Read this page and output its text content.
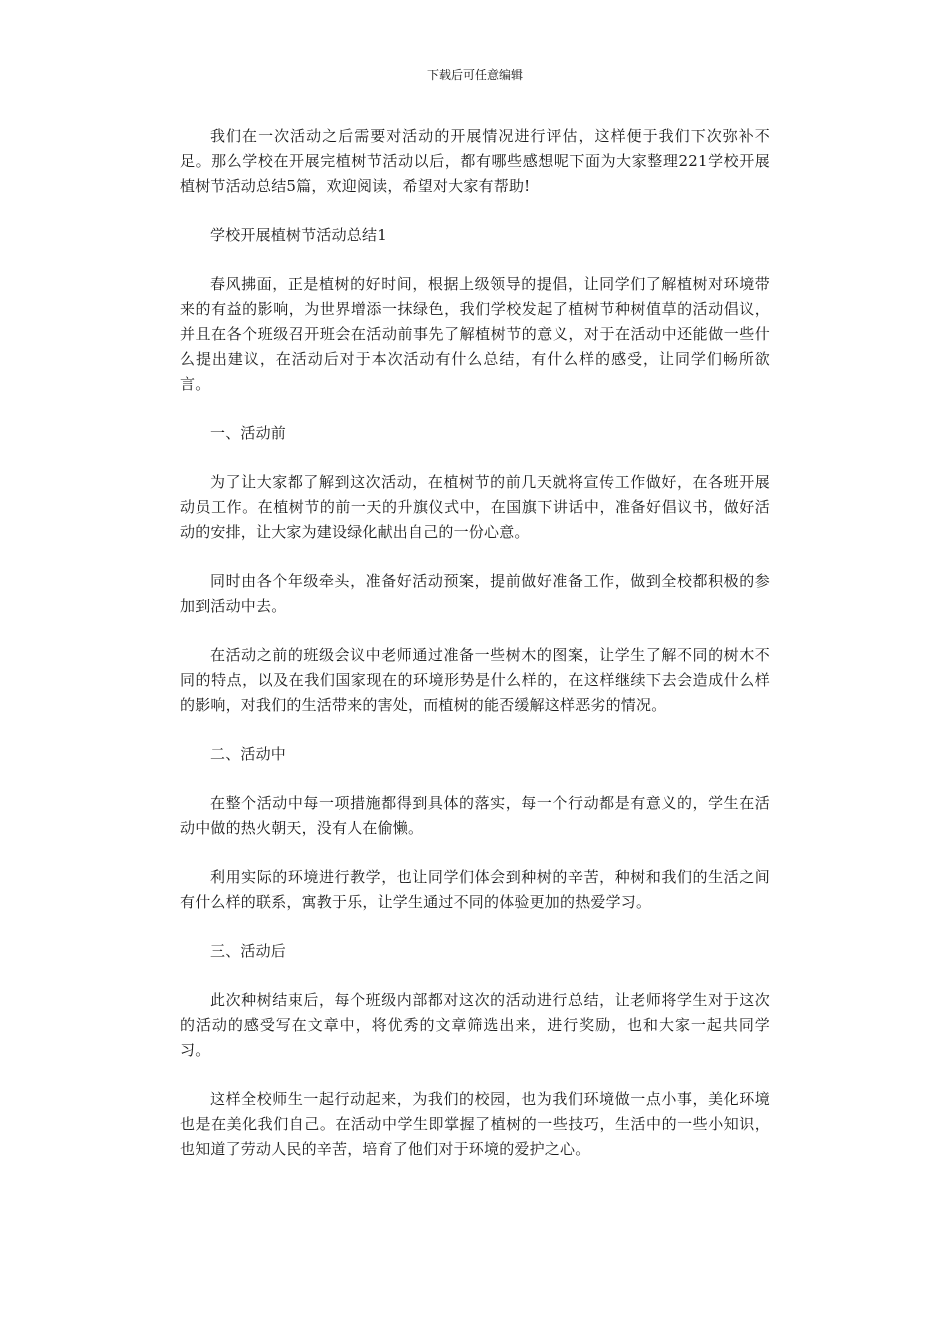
下载后可任意编辑

我们在一次活动之后需要对活动的开展情况进行评估，这样便于我们下次弥补不足。那么学校在开展完植树节活动以后，都有哪些感想呢下面为大家整理221学校开展植树节活动总结5篇，欢迎阅读，希望对大家有帮助!

学校开展植树节活动总结1

春风拂面，正是植树的好时间，根据上级领导的提倡，让同学们了解植树对环境带来的有益的影响，为世界增添一抹绿色，我们学校发起了植树节种树值草的活动倡议，并且在各个班级召开班会在活动前事先了解植树节的意义，对于在活动中还能做一些什么提出建议，在活动后对于本次活动有什么总结，有什么样的感受，让同学们畅所欲言。

一、活动前

为了让大家都了解到这次活动，在植树节的前几天就将宣传工作做好，在各班开展动员工作。在植树节的前一天的升旗仪式中，在国旗下讲话中，准备好倡议书，做好活动的安排，让大家为建设绿化献出自己的一份心意。

同时由各个年级牵头，准备好活动预案，提前做好准备工作，做到全校都积极的参加到活动中去。

在活动之前的班级会议中老师通过准备一些树木的图案，让学生了解不同的树木不同的特点，以及在我们国家现在的环境形势是什么样的，在这样继续下去会造成什么样的影响，对我们的生活带来的害处，而植树的能否缓解这样恶劣的情况。

二、活动中

在整个活动中每一项措施都得到具体的落实，每一个行动都是有意义的，学生在活动中做的热火朝天，没有人在偷懒。

利用实际的环境进行教学，也让同学们体会到种树的辛苦，种树和我们的生活之间有什么样的联系，寓教于乐，让学生通过不同的体验更加的热爱学习。

三、活动后

此次种树结束后，每个班级内部都对这次的活动进行总结，让老师将学生对于这次的活动的感受写在文章中，将优秀的文章筛选出来，进行奖励，也和大家一起共同学习。

这样全校师生一起行动起来，为我们的校园，也为我们环境做一点小事，美化环境也是在美化我们自己。在活动中学生即掌握了植树的一些技巧，生活中的一些小知识，也知道了劳动人民的辛苦，培育了他们对于环境的爱护之心。
